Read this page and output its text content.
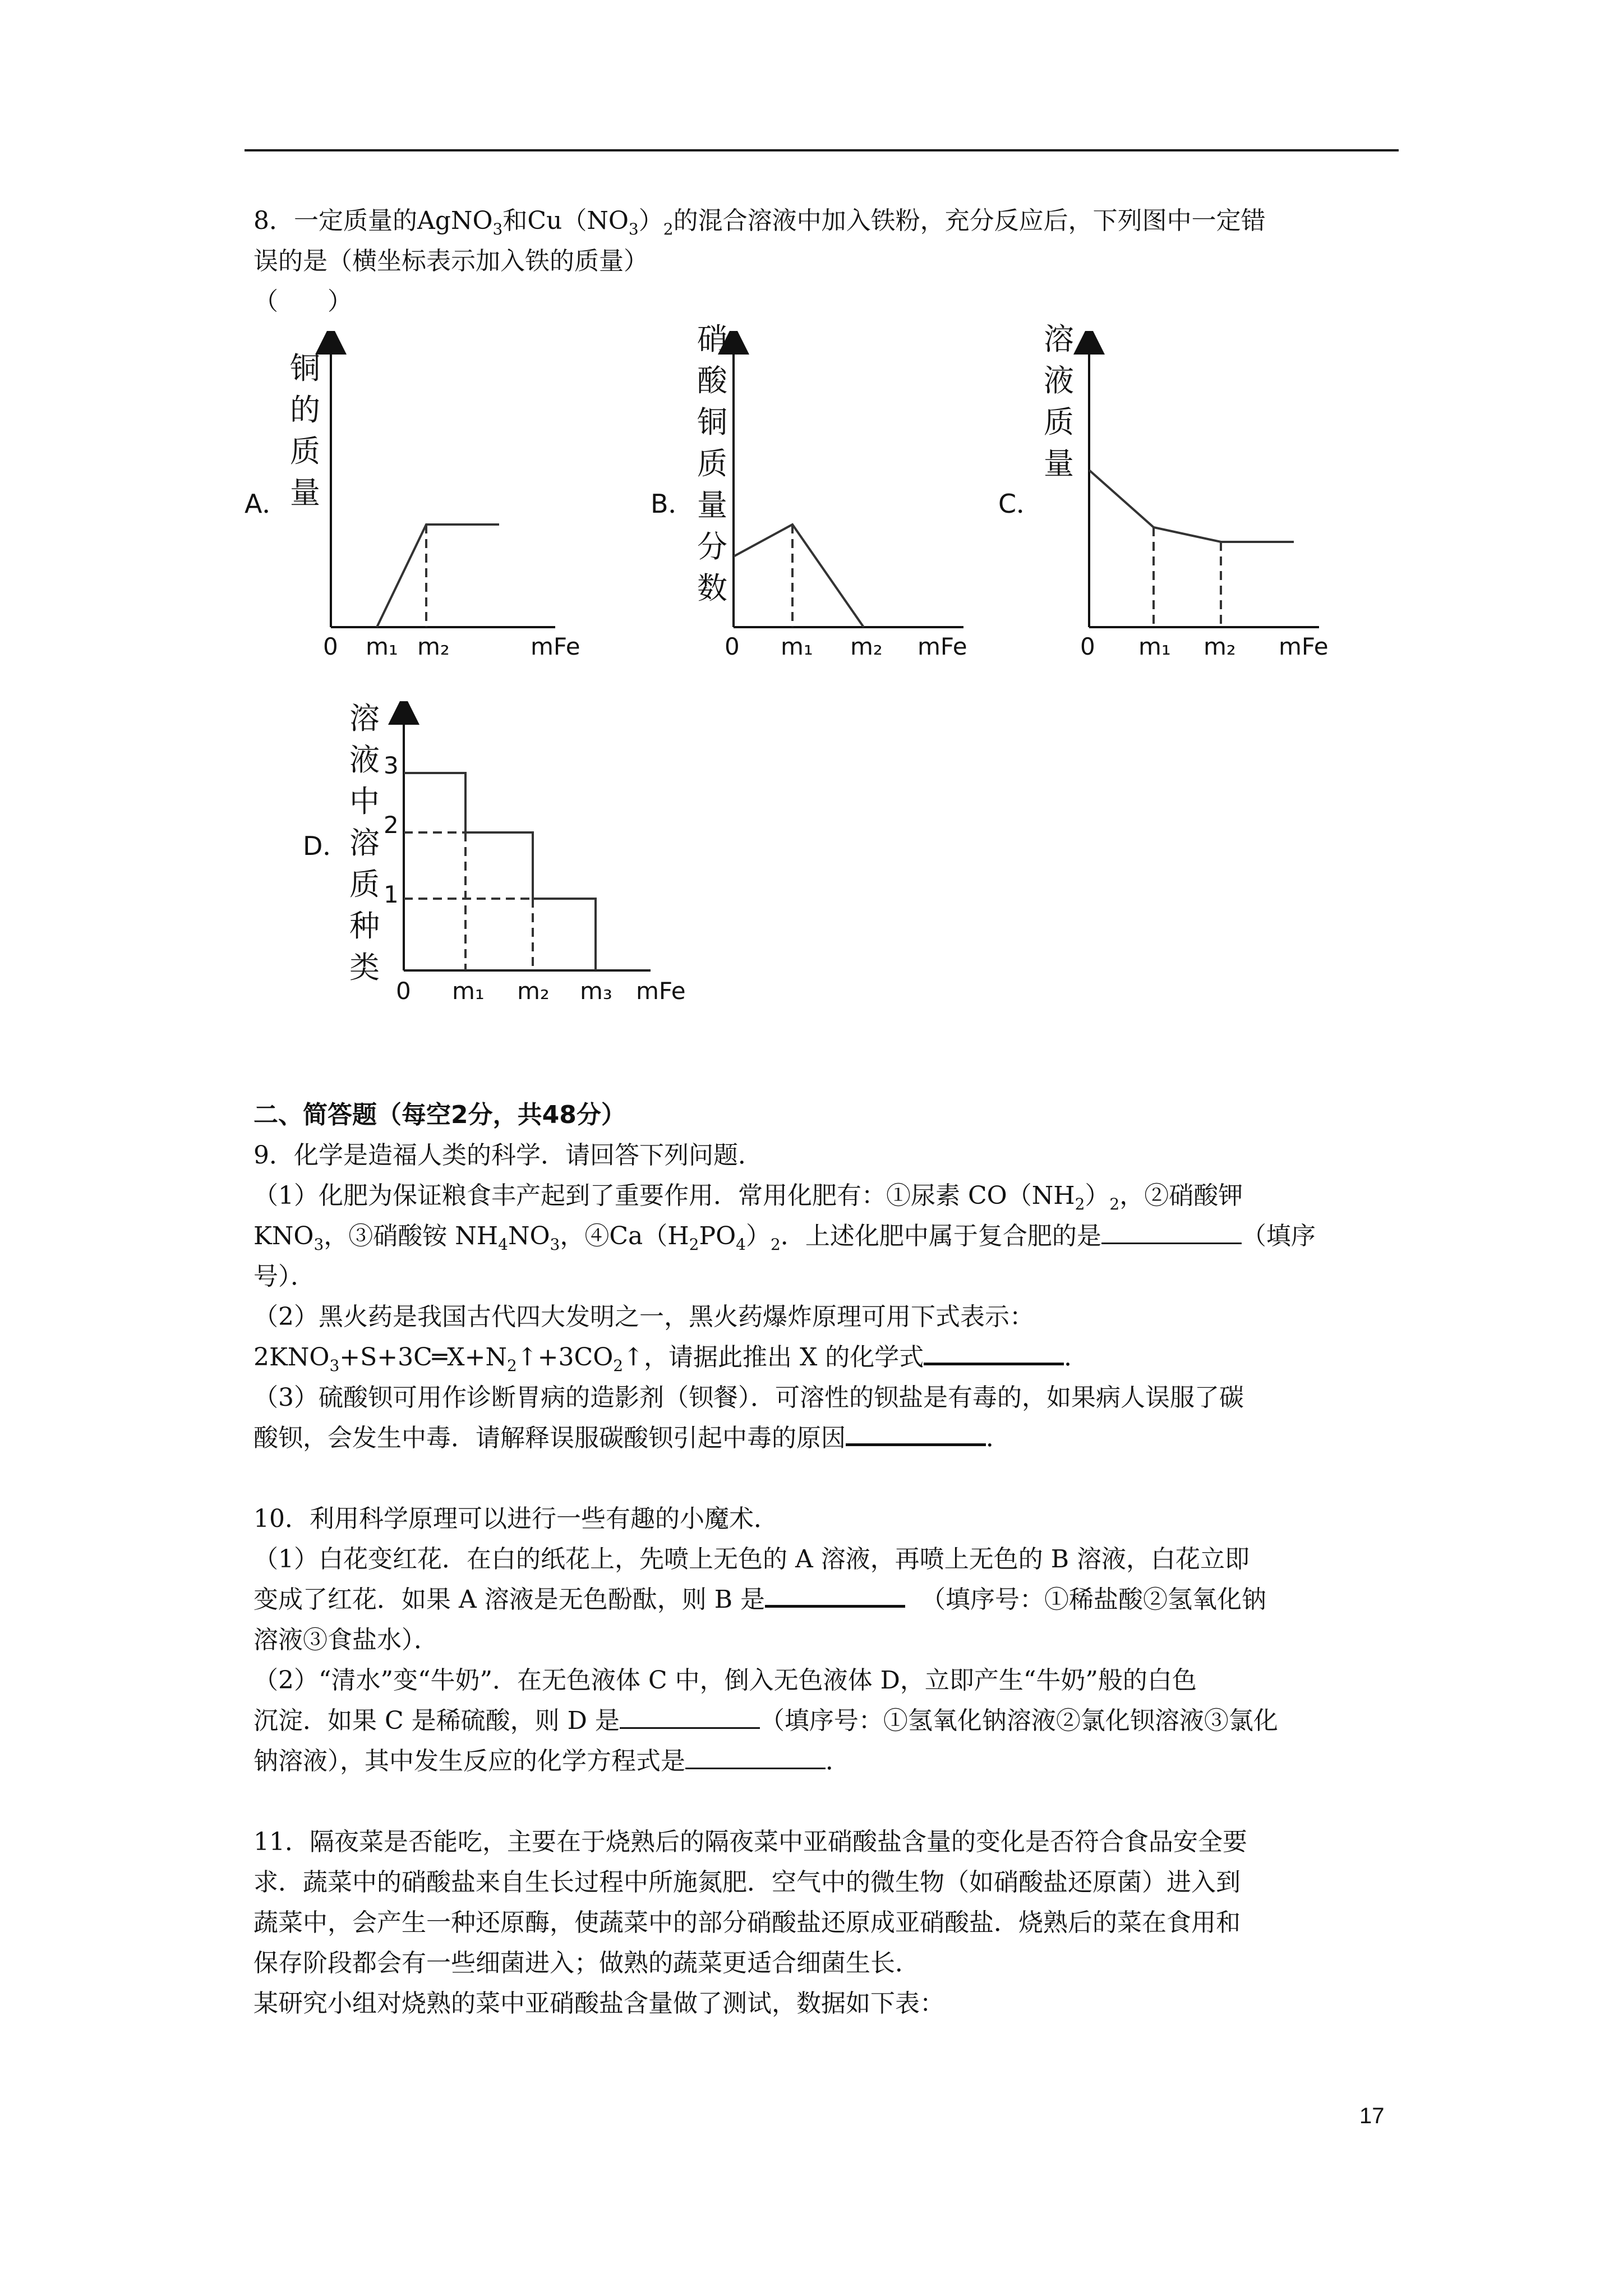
8．一定质量的AgNO$_3$和$Cu(NO_3)_2$的混合溶液中加入铁粉，充分反应后，下列图中一定错
误的是（横坐标表示加入铁的质量）
（　　）
A．
铜
的
质
量
0 m₁ m₂	mFe
B．
硝
酸
铜
质
量
分
数
0 m₁ m₂ mFe
C．
溶
液
质
量
0 m₁ m₂ mFe
D．
溶
液
中
溶
质
种
类
3
2
1
0 m₁ m₂ m₃ mFe
二、简答题（每空2分，共48分）
9．化学是造福人类的科学．请回答下列问题．
（1）化肥为保证粮食丰产起到了重要作用．常用化肥有：①尿素 $CO(NH_2)_2$，②硝酸钾
$KNO_3$，③硝酸铵 $NH_4NO_3$，$④Ca(H_2PO_4)_2$．上述化肥中属于复合肥的是	（填序
号）．
（2）黑火药是我国古代四大发明之一，黑火药爆炸原理可用下式表示：
$2KNO_3+S+3C═X+N_2↑+3CO_2↑$，请据此推出 X 的化学式	．
（3）硫酸钡可用作诊断胃病的造影剂（钡餐）．可溶性的钡盐是有毒的，如果病人误服了碳
酸钡，会发生中毒．请解释误服碳酸钡引起中毒的原因	．
10．利用科学原理可以进行一些有趣的小魔术．
（1）白花变红花．在白的纸花上，先喷上无色的 A 溶液，再喷上无色的 B 溶液，白花立即
变成了红花．如果 A 溶液是无色酚酞，则 B 是	（填序号：①稀盐酸②氢氧化钠
溶液③食盐水）．
（2）“清水”变“牛奶”．在无色液体 C 中，倒入无色液体 D，立即产生“牛奶”般的白色
沉淀．如果 C 是稀硫酸，则 D 是	（填序号：①氢氧化钠溶液②氯化钡溶液③氯化
钠溶液），其中发生反应的化学方程式是	．
11．隔夜菜是否能吃，主要在于烧熟后的隔夜菜中亚硝酸盐含量的变化是否符合食品安全要
求．蔬菜中的硝酸盐来自生长过程中所施氮肥．空气中的微生物（如硝酸盐还原菌）进入到
蔬菜中，会产生一种还原酶，使蔬菜中的部分硝酸盐还原成亚硝酸盐．烧熟后的菜在食用和
保存阶段都会有一些细菌进入；做熟的蔬菜更适合细菌生长．
某研究小组对烧熟的菜中亚硝酸盐含量做了测试，数据如下表：
17
